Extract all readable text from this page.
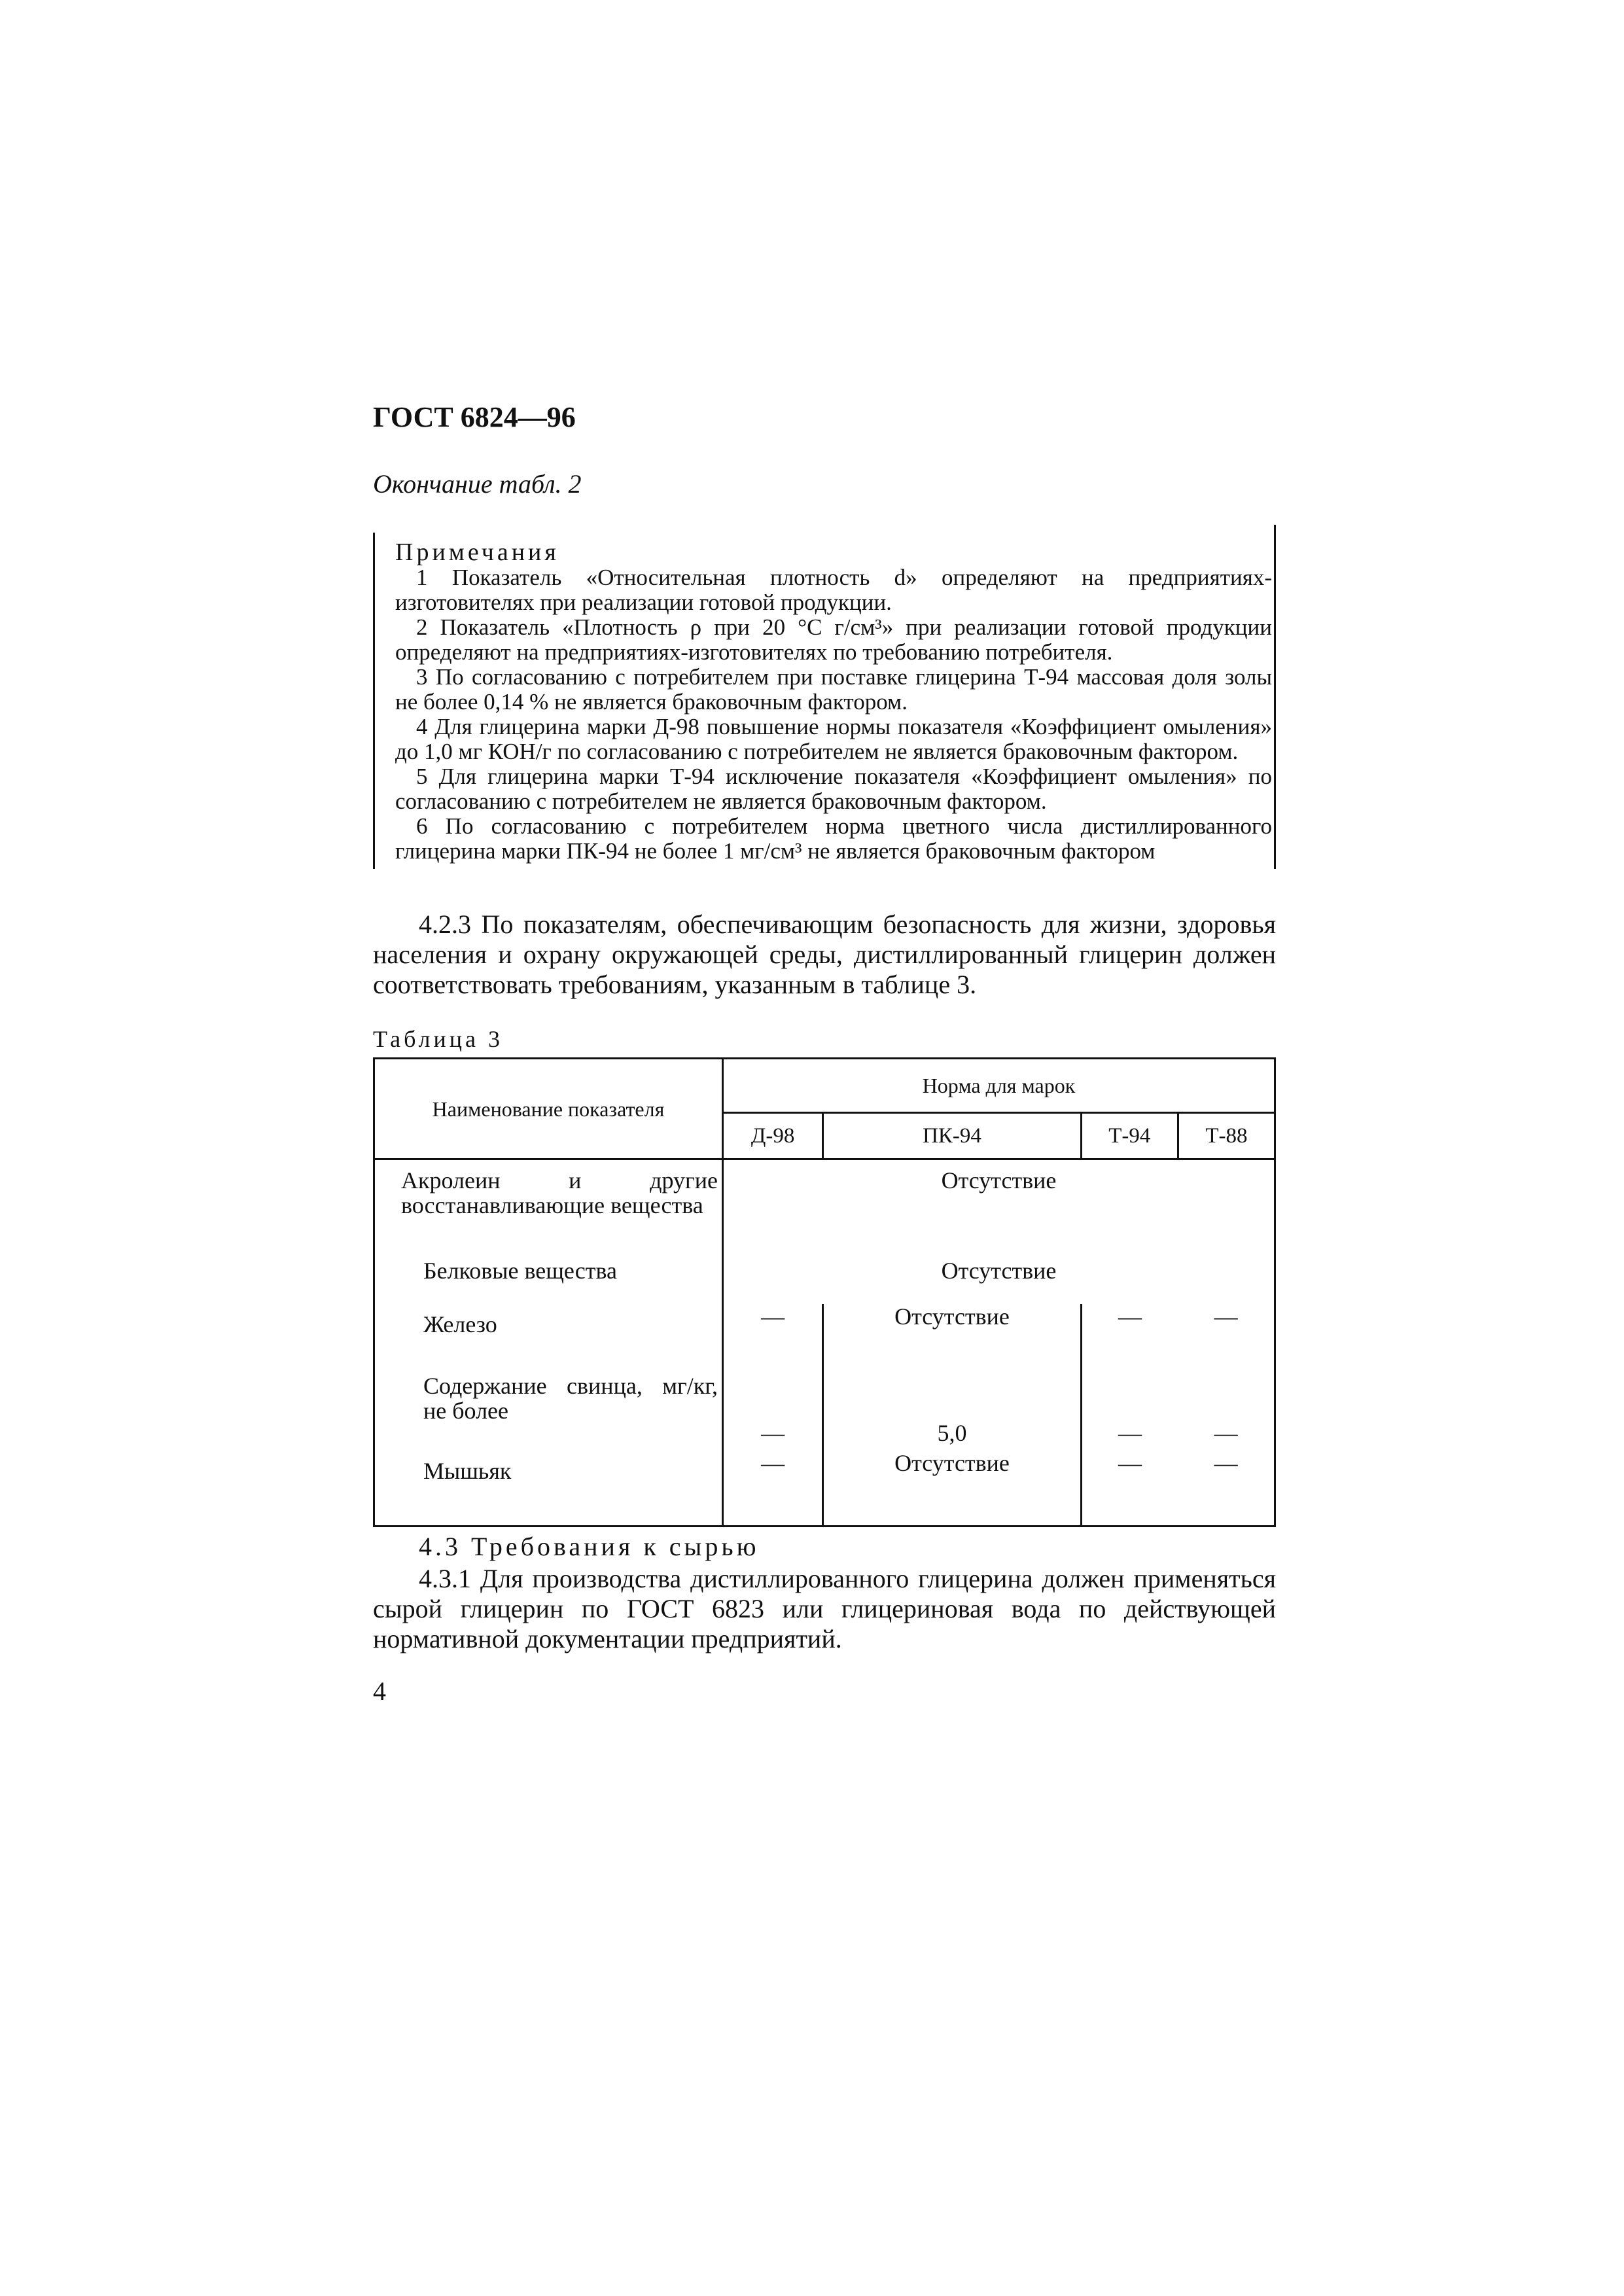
ГОСТ 6824—96
Окончание табл. 2
Примечания
1 Показатель «Относительная плотность d» определяют на предприятиях-изготовителях при реализации готовой продукции.
2 Показатель «Плотность ρ при 20 °С г/см³» при реализации готовой продукции определяют на предприятиях-изготовителях по требованию потребителя.
3 По согласованию с потребителем при поставке глицерина Т-94 массовая доля золы не более 0,14 % не является браковочным фактором.
4 Для глицерина марки Д-98 повышение нормы показателя «Коэффициент омыления» до 1,0 мг КОН/г по согласованию с потребителем не является браковочным фактором.
5 Для глицерина марки Т-94 исключение показателя «Коэффициент омыления» по согласованию с потребителем не является браковочным фактором.
6 По согласованию с потребителем норма цветного числа дистиллированного глицерина марки ПК-94 не более 1 мг/см³ не является браковочным фактором

4.2.3 По показателям, обеспечивающим безопасность для жизни, здоровья населения и охрану окружающей среды, дистиллированный глицерин должен соответствовать требованиям, указанным в таблице 3.

Таблица 3
Наименование показателя	Норма для марок			
	Д-98	ПК-94	Т-94	Т-88
Акролеин и другие восстанавливающие вещества	Отсутствие			
Белковые вещества	Отсутствие			
Железо	—	Отсутствие	—	—
Содержание свинца, мг/кг, не более	—	5,0	—	—
Мышьяк	—	Отсутствие	—	—
4.3 Требования к сырью

4.3.1 Для производства дистиллированного глицерина должен применяться сырой глицерин по ГОСТ 6823 или глицериновая вода по действующей нормативной документации предприятий.

4
